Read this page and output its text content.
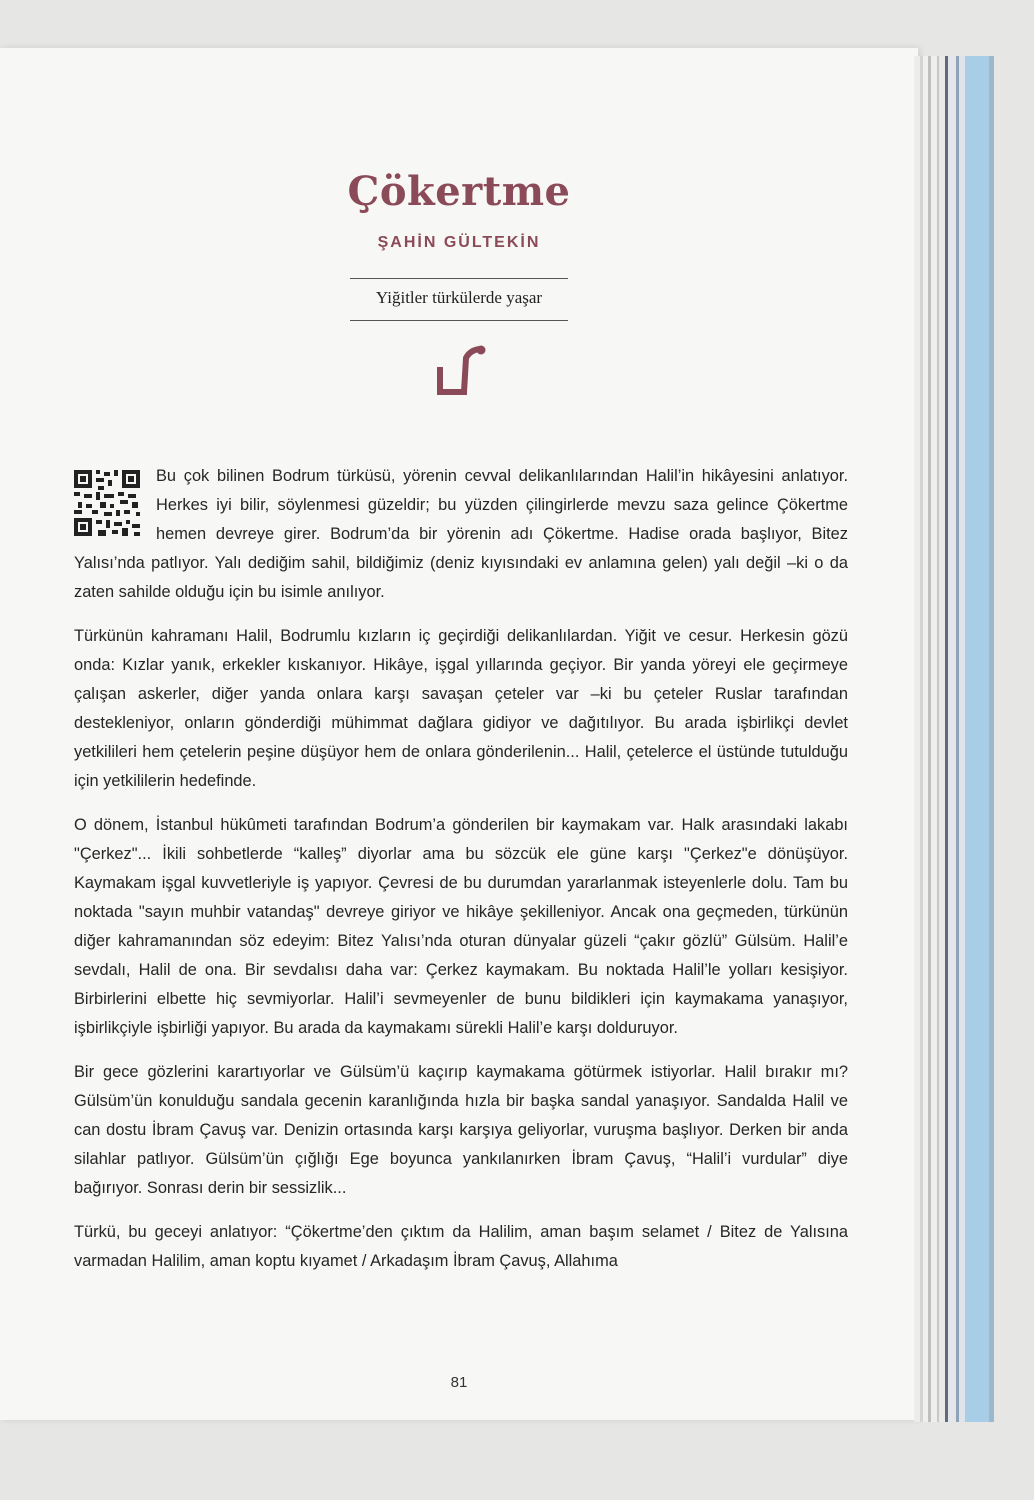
Çökertme
ŞAHİN GÜLTEKİN
Yiğitler türkülerde yaşar

Bu çok bilinen Bodrum türküsü, yörenin cevval delikanlılarından Halil’in hikâyesini anlatıyor. Herkes iyi bilir, söylenmesi güzeldir; bu yüzden çilingirlerde mevzu saza gelince Çökertme hemen devreye girer. Bodrum’da bir yörenin adı Çökertme. Hadise orada başlıyor, Bitez Yalısı’nda patlıyor. Yalı dediğim sahil, bildiğimiz (deniz kıyısındaki ev anlamına gelen) yalı değil –ki o da zaten sahilde olduğu için bu isimle anılıyor.

Türkünün kahramanı Halil, Bodrumlu kızların iç geçirdiği delikanlılardan. Yiğit ve cesur. Herkesin gözü onda: Kızlar yanık, erkekler kıskanıyor. Hikâye, işgal yıllarında geçiyor. Bir yanda yöreyi ele geçirmeye çalışan askerler, diğer yanda onlara karşı savaşan çeteler var –ki bu çeteler Ruslar tarafından destekleniyor, onların gönderdiği mühimmat dağlara gidiyor ve dağıtılıyor. Bu arada işbirlikçi devlet yetkilileri hem çetelerin peşine düşüyor hem de onlara gönderilenin... Halil, çetelerce el üstünde tutulduğu için yetkililerin hedefinde.

O dönem, İstanbul hükûmeti tarafından Bodrum’a gönderilen bir kaymakam var. Halk arasındaki lakabı "Çerkez"... İkili sohbetlerde “kalleş” diyorlar ama bu sözcük ele güne karşı "Çerkez"e dönüşüyor. Kaymakam işgal kuvvetleriyle iş yapıyor. Çevresi de bu durumdan yararlanmak isteyenlerle dolu. Tam bu noktada "sayın muhbir vatandaş" devreye giriyor ve hikâye şekilleniyor. Ancak ona geçmeden, türkünün diğer kahramanından söz edeyim: Bitez Yalısı’nda oturan dünyalar güzeli “çakır gözlü” Gülsüm. Halil’e sevdalı, Halil de ona. Bir sevdalısı daha var: Çerkez kaymakam. Bu noktada Halil’le yolları kesişiyor. Birbirlerini elbette hiç sevmiyorlar. Halil’i sevmeyenler de bunu bildikleri için kaymakama yanaşıyor, işbirlikçiyle işbirliği yapıyor. Bu arada da kaymakamı sürekli Halil’e karşı dolduruyor.

Bir gece gözlerini karartıyorlar ve Gülsüm’ü kaçırıp kaymakama götürmek istiyorlar. Halil bırakır mı? Gülsüm’ün konulduğu sandala gecenin karanlığında hızla bir başka sandal yanaşıyor. Sandalda Halil ve can dostu İbram Çavuş var. Denizin ortasında karşı karşıya geliyorlar, vuruşma başlıyor. Derken bir anda silahlar patlıyor. Gülsüm’ün çığlığı Ege boyunca yankılanırken İbram Çavuş, “Halil’i vurdular” diye bağırıyor. Sonrası derin bir sessizlik...

Türkü, bu geceyi anlatıyor: “Çökertme’den çıktım da Halilim, aman başım selamet / Bitez de Yalısına varmadan Halilim, aman koptu kıyamet / Arkadaşım İbram Çavuş, Allahıma

81
